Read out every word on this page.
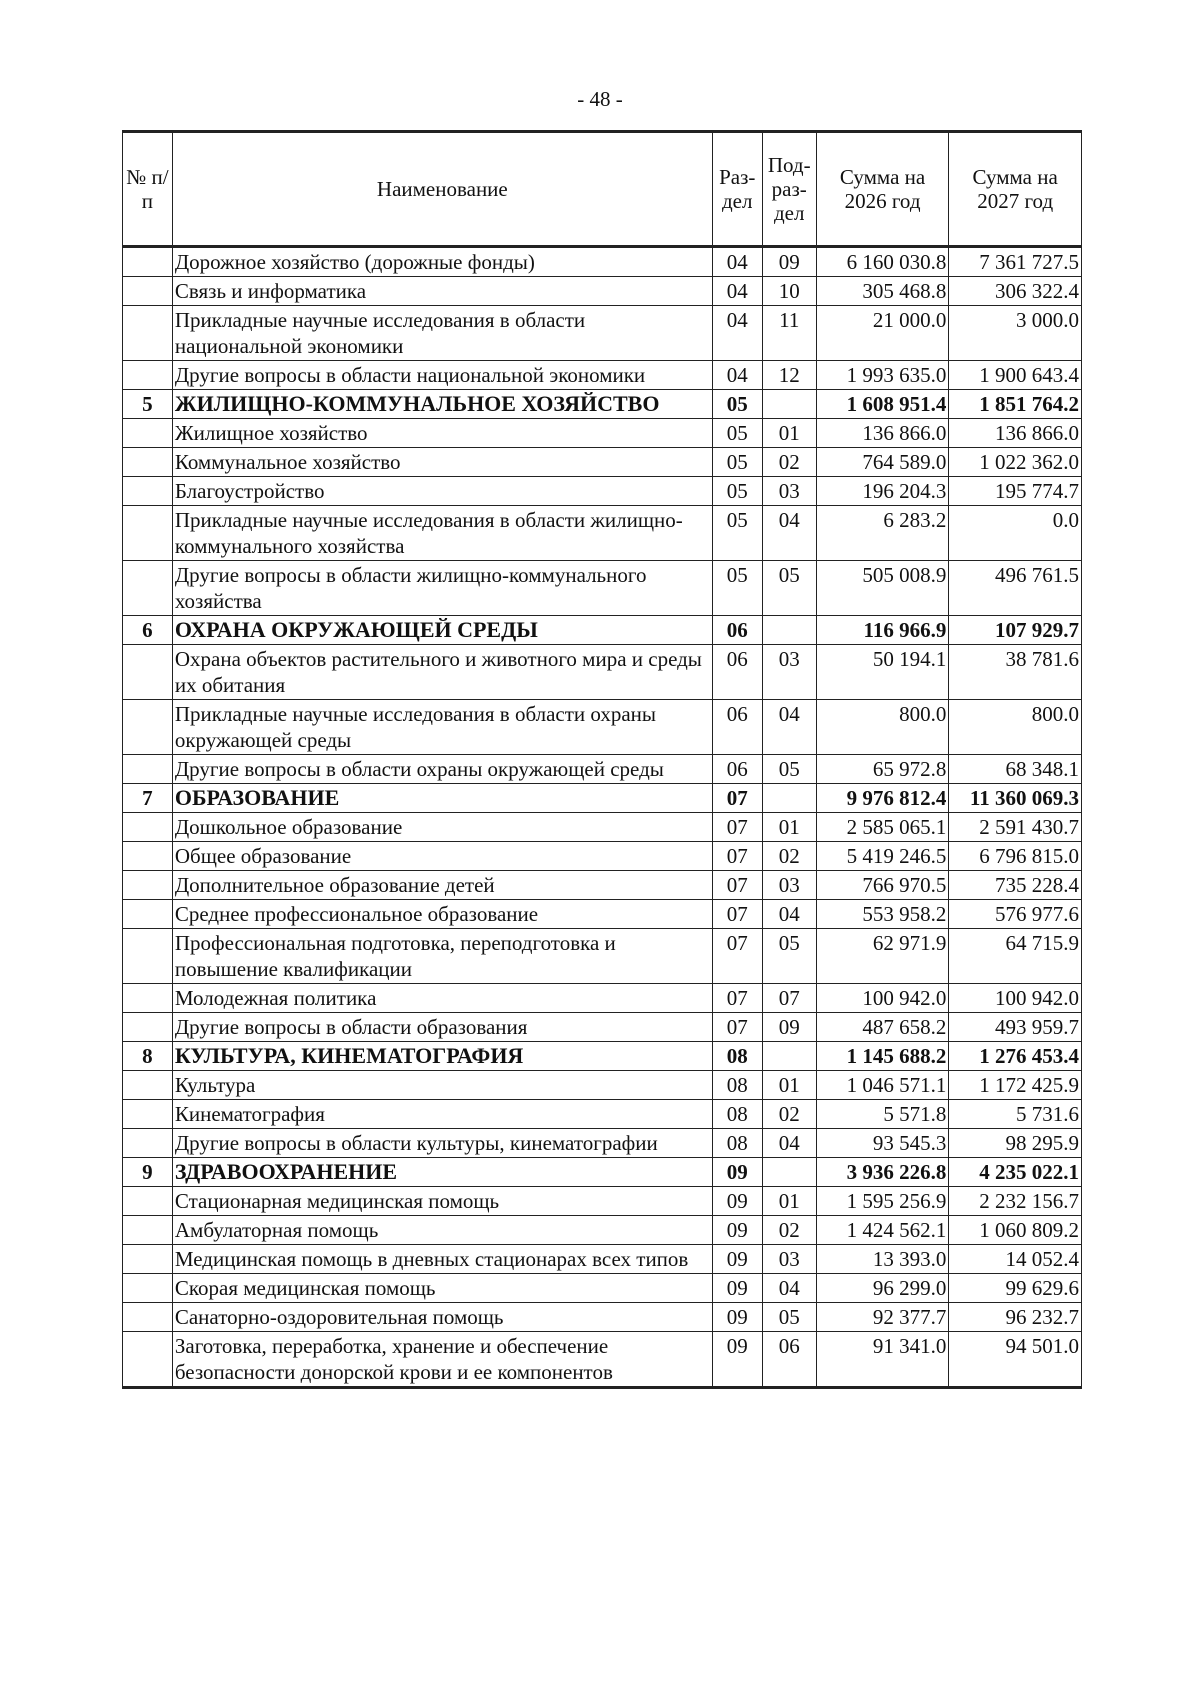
- 48 -
№ п/п	Наименование	Раз-дел	Под-раз-дел	Сумма на 2026 год	Сумма на 2027 год
	Дорожное хозяйство (дорожные фонды)	04	09	6 160 030.8	7 361 727.5
	Связь и информатика	04	10	305 468.8	306 322.4
	Прикладные научные исследования в области национальной экономики	04	11	21 000.0	3 000.0
	Другие вопросы в области национальной экономики	04	12	1 993 635.0	1 900 643.4
5	ЖИЛИЩНО-КОММУНАЛЬНОЕ ХОЗЯЙСТВО	05		1 608 951.4	1 851 764.2
	Жилищное хозяйство	05	01	136 866.0	136 866.0
	Коммунальное хозяйство	05	02	764 589.0	1 022 362.0
	Благоустройство	05	03	196 204.3	195 774.7
	Прикладные научные исследования в области жилищно-коммунального хозяйства	05	04	6 283.2	0.0
	Другие вопросы в области жилищно-коммунального хозяйства	05	05	505 008.9	496 761.5
6	ОХРАНА ОКРУЖАЮЩЕЙ СРЕДЫ	06		116 966.9	107 929.7
	Охрана объектов растительного и животного мира и среды их обитания	06	03	50 194.1	38 781.6
	Прикладные научные исследования в области охраны окружающей среды	06	04	800.0	800.0
	Другие вопросы в области охраны окружающей среды	06	05	65 972.8	68 348.1
7	ОБРАЗОВАНИЕ	07		9 976 812.4	11 360 069.3
	Дошкольное образование	07	01	2 585 065.1	2 591 430.7
	Общее образование	07	02	5 419 246.5	6 796 815.0
	Дополнительное образование детей	07	03	766 970.5	735 228.4
	Среднее профессиональное образование	07	04	553 958.2	576 977.6
	Профессиональная подготовка, переподготовка и повышение квалификации	07	05	62 971.9	64 715.9
	Молодежная политика	07	07	100 942.0	100 942.0
	Другие вопросы в области образования	07	09	487 658.2	493 959.7
8	КУЛЬТУРА, КИНЕМАТОГРАФИЯ	08		1 145 688.2	1 276 453.4
	Культура	08	01	1 046 571.1	1 172 425.9
	Кинематография	08	02	5 571.8	5 731.6
	Другие вопросы в области культуры, кинематографии	08	04	93 545.3	98 295.9
9	ЗДРАВООХРАНЕНИЕ	09		3 936 226.8	4 235 022.1
	Стационарная медицинская помощь	09	01	1 595 256.9	2 232 156.7
	Амбулаторная помощь	09	02	1 424 562.1	1 060 809.2
	Медицинская помощь в дневных стационарах всех типов	09	03	13 393.0	14 052.4
	Скорая медицинская помощь	09	04	96 299.0	99 629.6
	Санаторно-оздоровительная помощь	09	05	92 377.7	96 232.7
	Заготовка, переработка, хранение и обеспечение безопасности донорской крови и ее компонентов	09	06	91 341.0	94 501.0
